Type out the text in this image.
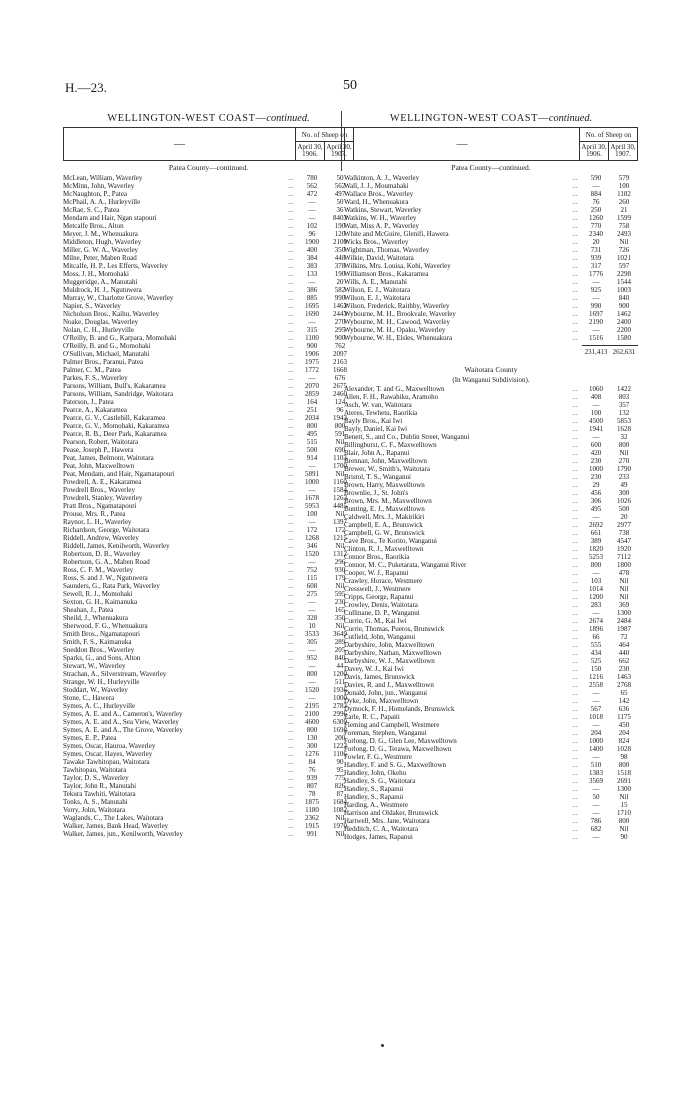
H.—23.	50
WELLINGTON-WEST COAST—continued.
—	No. of Sheep on	
	April 30, 1906.	April 30, 1907.
Patea County—continued.
McLean, William, Waverley	...	780	50
McMinn, John, Waverley	...	562	562
McNaughton, P., Patea	...	472	497
McPhail, A. A., Hurleyville	...	—	50
McRae, S. C., Patea	...	—	36
Mendam and Hair, Ngan stapouri	...	—	8403
Metcalfe Bros., Alton	...	102	190
Meyer, J. M., Whenuakura	...	96	120
Middleton, Hugh, Waverley	...	1900	2100
Miller, G. W. A., Waverley	...	400	350
Milne, Peter, Maben Road	...	384	448
Mitcalfe, H. P., Les Efferts, Waverley	...	383	378
Moss, J. H., Momohaki	...	133	190
Muggeridge, A., Manutahi	...	—	20
Muldrock, H. J., Ngutuwera	...	386	582
Murray, W., Charlotte Grove, Waverley	...	885	990
Napier, S., Waverley	...	1695	1462
Nicholson Bros., Kaihu, Waverley	...	1690	2443
Noake, Douglas, Waverley	...	—	270
Nolan, C. H., Hurleyville	...	315	295
O'Reilly, B. and G., Karpara, Momohaki	...	1100	900
O'Reilly, B. and G., Momohaki	...	900	762
O'Sullivan, Michael, Manutahi	...	1906	2097
Palmer Bros., Paranui, Patea	...	1975	2163
Palmer, C. M., Patea	...	1772	1668
Parkes, F. S., Waverley	...	—	676
Parsons, William, Bull's, Kakaramea	...	2070	2675
Parsons, William, Sandridge, Waitotara	...	2859	2460
Paterson, J., Patea	...	164	124
Pearce, A., Kakaramea	...	251	96
Pearce, G. V., Castlehill, Kakaramea	...	2034	1943
Pearce, G. V., Momohaki, Kakaramea	...	800	800
Pearce, R. B., Deer Park, Kakaramea	...	495	591
Pearson, Robert, Waitotara	...	515	Nil
Pease, Joseph P., Hawera	...	500	690
Peat, James, Belmont, Waitotara	...	914	1103
Peat, John, Maxwelltown	...	—	1700
Peat, Mendam, and Hair, Ngamatapouri	...	5891	Nil
Powdrell, A. E., Kakaramea	...	1000	1160
Powdrell Bros., Waverley	...	—	1584
Powdrell, Stanley, Waverley	...	1678	1263
Pratt Bros., Ngamatapouri	...	5953	4485
Prouse, Mrs. R., Patea	...	100	Nil
Raynor, L. H., Waverley	...	—	1397
Richardson, George, Waitotara	...	172	172
Riddell, Andrew, Waverley	...	1268	1215
Riddell, James, Kenilworth, Waverley	...	346	Nil
Robertson, D. B., Waverley	...	1520	1312
Robertson, G. A., Maben Road	...	—	296
Ross, C. F. M., Waverley	...	752	930
Ross, S. and J. W., Ngutuwera	...	115	179
Saunders, G., Rata Park, Waverley	...	608	Nil
Sewell, R. J., Momohaki	...	275	595
Sexton, G. H., Kaimanuka	...	—	230
Sheahan, J., Patea	...	—	165
Sheild, J., Whenuakura	...	328	350
Sherwood, F. G., Whenuakura	...	10	Nil
Smith Bros., Ngamatapouri	...	3533	3649
Smith, F. S., Kaimanuka	...	305	289
Sneddon Bros., Waverley	...	—	205
Sparks, G., and Sons, Alton	...	952	840
Stewart, W., Waverley	...	—	44
Strachan, A., Silverstream, Waverley	...	800	1200
Strange, W. H., Hurleyville	...	—	511
Stoddart, W., Waverley	...	1520	1936
Stone, C., Hawera	...	—	1000
Symes, A. C., Hurleyville	...	2195	2783
Symes, A. E. and A., Cameron's, Waverley	...	2100	2996
Symes, A. E. and A., Sea View, Waverley	...	4600	6309
Symes, A. E. and A., The Grove, Waverley	...	800	1698
Symes, E. P., Patea	...	130	200
Symes, Oscar, Hauroa, Waverley	...	300	1223
Symes, Oscar, Hayes, Waverley	...	1276	1106
Tawake Tawhitopau, Waitotara	...	84	90
Tawhitopau, Waitotara	...	76	95
Taylor, D. S., Waverley	...	939	775
Taylor, John R., Manutahi	...	807	826
Tekura Tawhiti, Waitotara	...	78	87
Tonks, A. S., Manutahi	...	1875	1684
Verry, John, Waitotara	...	1180	1082
Waglands, C., The Lakes, Waitotara	...	2362	Nil
Walker, James, Bank Head, Waverley	...	1915	1970
Walker, James, jun., Kenilworth, Waverley	...	991	Nil
WELLINGTON-WEST COAST—continued.
—	No. of Sheep on	
	April 30, 1906.	April 30, 1907.
Patea County—continued.
Walkinton, A. J., Waverley	...	590	579
Wall, J. J., Moumahaki	...	—	100
Wallace Bros., Waverley	...	884	1182
Ward, H., Whenuakura	...	76	260
Watkins, Stewart, Waverley	...	250	21
Watkins, W. H., Waverley	...	1260	1599
Watt, Miss A. P., Waverley	...	770	758
White and McGuire, Glenifi, Hawera	...	2340	2493
Wicks Bros., Waverley	...	20	Nil
Wightman, Thomas, Waverley	...	731	726
Wilkie, David, Waitotara	...	939	1021
Wilkins, Mrs. Louisa, Kohi, Waverley	...	317	597
Williamson Bros., Kakaramea	...	1776	2298
Wills, A. E., Manutahi	...	—	1544
Wilson, E. J., Waitotara	...	925	1003
Wilson, E. J., Waitotara	...	—	840
Wilson, Frederick, Raithby, Waverley	...	990	900
Wybourne, M. H., Brookvale, Waverley	...	1697	1462
Wybourne, M. H., Cawood, Waverley	...	2190	2400
Wybourne, M. H., Opaku, Waverley	...	—	2200
Wybourne, W. H., Elsles, Whenuakura	...	1516	1580
231,413 262,631
Waitotara County
(In Wanganui Subdivision).
Alexander, T. and G., Maxwelltown	...	1060	1422
Allen, F. H., Rawahiku, Aramoho	...	408	803
Asch, W. van, Waitotara	...	—	357
Ateres, Tewhetu, Raorikia	...	100	132
Bayly Bros., Kai Iwi	...	4500	5853
Bayly, Daniel, Kai Iwi	...	1941	1628
Benett, S., and Co., Dublin Street, Wanganui	...	—	32
Billinghurst, C. F., Maxwelltown	...	600	800
Blair, John A., Rapanui	...	420	Nil
Brennan, John, Maxwelltown	...	230	270
Brewer, W., Smith's, Waitotara	...	1000	1790
Bristol, T. S., Wanganui	...	230	233
Brown, Harry, Maxwelltown	...	29	49
Brownlie, J., St. John's	...	456	300
Brown, Mrs. M., Maxwelltown	...	306	1026
Bunting, E. J., Maxwelltown	...	495	500
Caldwell, Mrs. J., Makirikiri	...	—	20
Campbell, E. A., Brunswick	...	2692	2977
Campbell, G. W., Brunswick	...	661	738
Cave Bros., Te Korito, Wanganui	...	389	4547
Clinton, R. J., Maxwelltown	...	1820	1920
Connor Bros., Raorikia	...	5253	7112
Connor, M. C., Puketarata, Wanganui River	...	800	1800
Cooper, W. J., Rapanui	...	—	478
Crawley, Horace, Westmere	...	103	Nil
Cresswell, J., Westmere	...	1014	Nil
Cripps, George, Rapanui	...	1200	Nil
Crowley, Denis, Waitotara	...	283	369
Cullinane, D. P., Wanganui	...	—	1300
Currie, G. M., Kai Iwi	...	2674	2484
Currie, Thomas, Pueros, Brunswick	...	1896	1987
Cutfield, John, Wanganui	...	66	72
Darbyshire, John, Maxwelltown	...	555	464
Darbyshire, Nathan, Maxwelltown	...	434	440
Darbyshire, W. J., Maxwelltown	...	525	662
Davey, W. J., Kai Iwi	...	150	230
Davis, James, Brunswick	...	1216	1463
Davies, R. and J., Maxwelltown	...	2558	2768
Donald, John, jun., Wanganui	...	—	65
Dyke, John, Maxwelltown	...	—	142
Dymock, F. H., Homelands, Brunswick	...	567	636
Earle, R. C., Papaiti	...	1018	1175
Fleming and Campbell, Westmere	...	—	450
Foreman, Stephen, Wanganui	...	204	204
Forlong, D. G., Glen Lee, Maxwelltown	...	1000	824
Forlong, D. G., Terawa, Maxwelltown	...	1400	1028
Fowler, F. G., Westmere	...	—	98
Handley, F. and S. G., Maxwelltown	...	510	800
Handley, John, Okehu	...	1383	1518
Handley, S. G., Waitotara	...	3569	2691
Handley, S., Rapanui	...	—	1300
Handley, S., Rapanui	...	50	Nil
Harding, A., Westmere	...	—	15
Harrison and Oldaker, Brunswick	...	—	1710
Hartwell, Mrs. Jane, Waitotara	...	786	800
Hedditch, C. A., Waitotara	...	682	Nil
Hodges, James, Rapanui	...	—	90
